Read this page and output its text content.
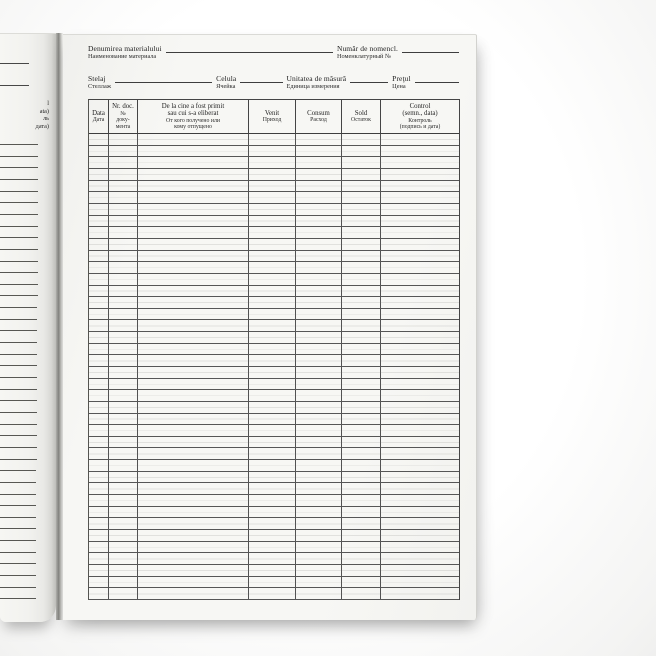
l
ata)
ль
дата)
Denumirea materialului
Наименование материала
Număr de nomencl.
Номенклатурный №
Stelaj
Стеллаж
Celula
Ячейка
Unitatea de măsură
Единица измерения
Preţul
Цена
Data
Дата
Nr. doc.
№
доку-
мента
De la cine a fost primit
sau cui s-a eliberat
От кого получено или
кому отпущено
Venit
Приход
Consum
Расход
Sold
Остаток
Control
(semn., data)
Контроль
(подпись и дата)
